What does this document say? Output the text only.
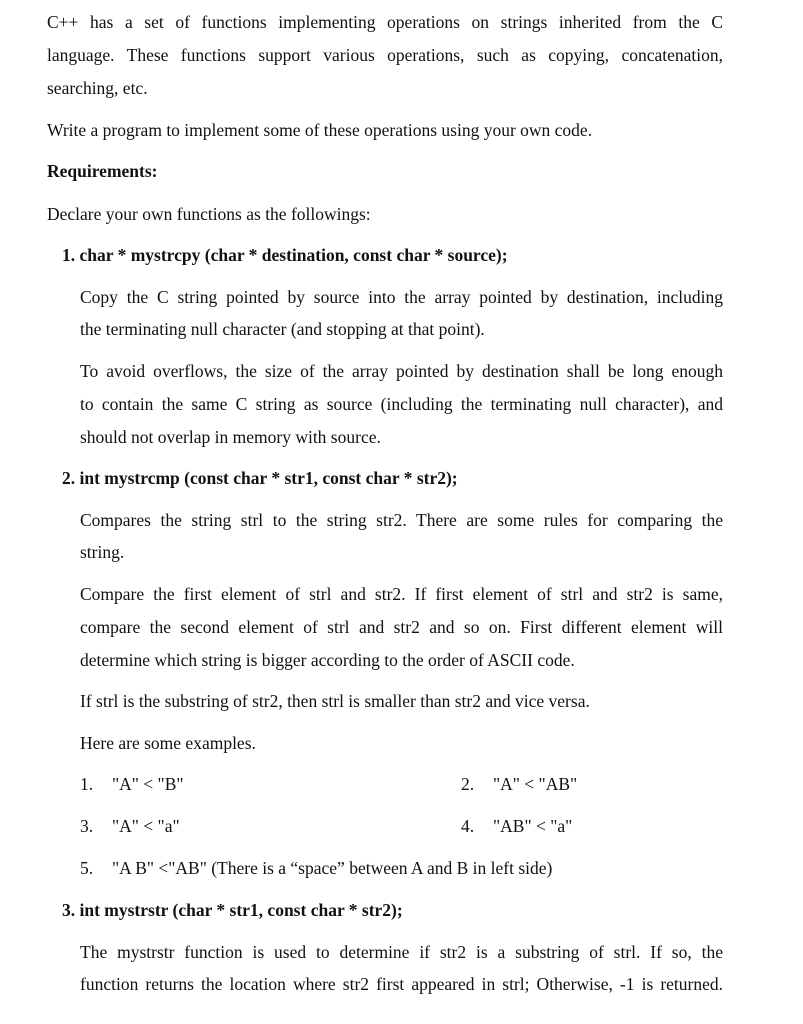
C++ has a set of functions implementing operations on strings inherited from the C
language. These functions support various operations, such as copying, concatenation,
searching, etc.
Write a program to implement some of these operations using your own code.
Requirements:
Declare your own functions as the followings:
1. char * mystrcpy (char * destination, const char * source);
Copy the C string pointed by source into the array pointed by destination, including
the terminating null character (and stopping at that point).
To avoid overflows, the size of the array pointed by destination shall be long enough
to contain the same C string as source (including the terminating null character), and
should not overlap in memory with source.
2. int mystrcmp (const char * str1, const char * str2);
Compares the string strl to the string str2. There are some rules for comparing the
string.
Compare the first element of strl and str2. If first element of strl and str2 is same,
compare the second element of strl and str2 and so on. First different element will
determine which string is bigger according to the order of ASCII code.
If strl is the substring of str2, then strl is smaller than str2 and vice versa.
Here are some examples.
1. "A" < "B"	2. "A" < "AB"
3. "A" < "a"	4. "AB" < "a"
5. "A B" <"AB" (There is a “space” between A and B in left side)
3. int mystrstr (char * str1, const char * str2);
The mystrstr function is used to determine if str2 is a substring of strl. If so, the
function returns the location where str2 first appeared in strl; Otherwise, -1 is returned.
